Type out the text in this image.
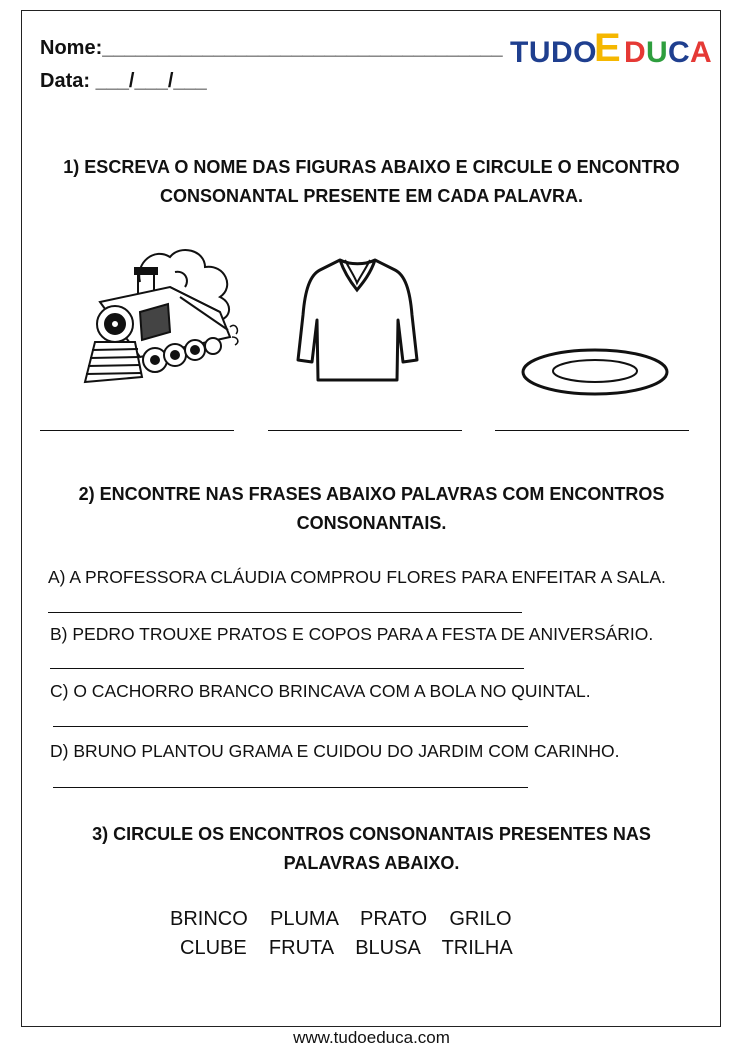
Nome:____________________________________
Data: ___/___/___
TUDO
E D U C A
1) ESCREVA O NOME DAS FIGURAS ABAIXO E CIRCULE O ENCONTRO
CONSONANTAL PRESENTE EM CADA PALAVRA.
2) ENCONTRE NAS FRASES ABAIXO PALAVRAS COM ENCONTROS
CONSONANTAIS.
A) A PROFESSORA CLÁUDIA COMPROU FLORES PARA ENFEITAR A SALA.
B) PEDRO TROUXE PRATOS E COPOS PARA A FESTA DE ANIVERSÁRIO.
C) O CACHORRO BRANCO BRINCAVA COM A BOLA NO QUINTAL.
D) BRUNO PLANTOU GRAMA E CUIDOU DO JARDIM COM CARINHO.
3) CIRCULE OS ENCONTROS CONSONANTAIS PRESENTES NAS
PALAVRAS ABAIXO.
BRINCO    PLUMA    PRATO    GRILO
CLUBE    FRUTA    BLUSA    TRILHA
www.tudoeduca.com
